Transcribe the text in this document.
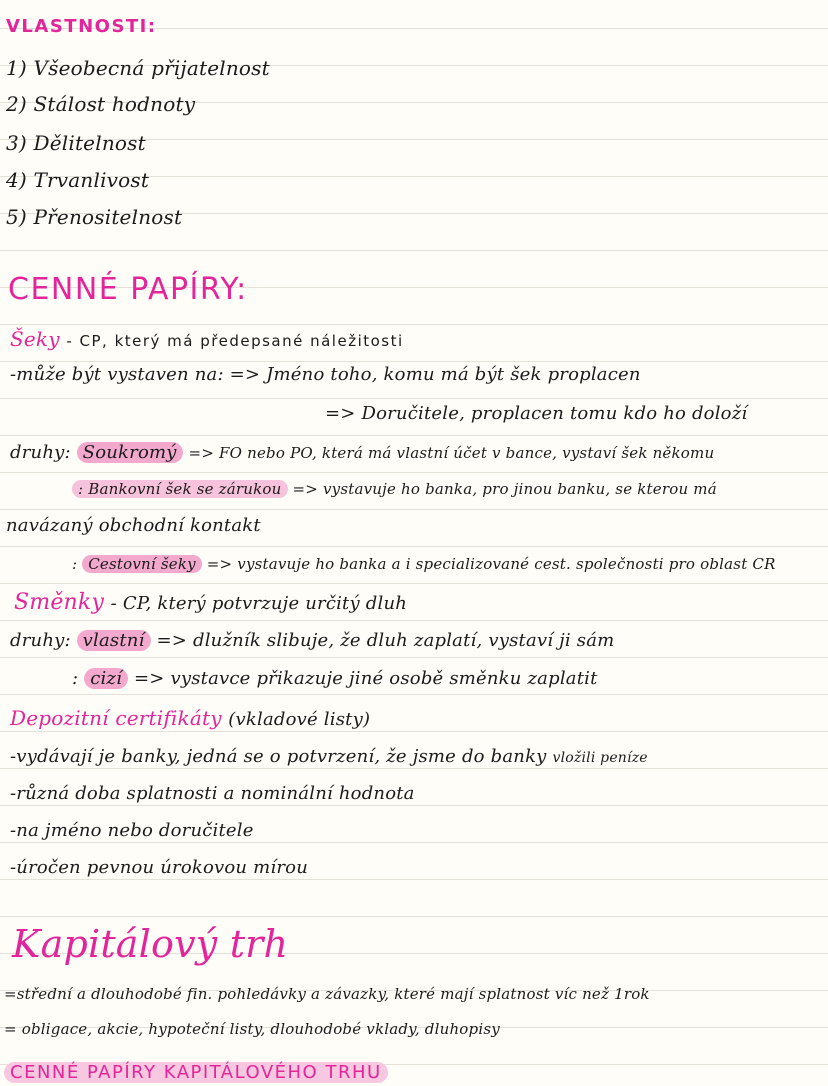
VLASTNOSTI:
1) Všeobecná přijatelnost
2) Stálost hodnoty
3) Dělitelnost
4) Trvanlivost
5) Přenositelnost
CENNÉ PAPÍRY:
Šeky - CP, který má předepsané náležitosti
-může být vystaven na: => Jméno toho, komu má být šek proplacen
=> Doručitele, proplacen tomu kdo ho doloží
druhy: Soukromý => FO nebo PO, která má vlastní účet v bance, vystaví šek někomu
: Bankovní šek se zárukou => vystavuje ho banka, pro jinou banku, se kterou má
navázaný obchodní kontakt
: Cestovní šeky => vystavuje ho banka a i specializované cest. společnosti pro oblast CR
Směnky - CP, který potvrzuje určitý dluh
druhy: vlastní => dlužník slibuje, že dluh zaplatí, vystaví ji sám
: cizí => vystavce přikazuje jiné osobě směnku zaplatit
Depozitní certifikáty (vkladové listy)
-vydávají je banky, jedná se o potvrzení, že jsme do banky vložili peníze
-různá doba splatnosti a nominální hodnota
-na jméno nebo doručitele
-úročen pevnou úrokovou mírou
Kapitálový trh
=střední a dlouhodobé fin. pohledávky a závazky, které mají splatnost víc než 1rok
= obligace, akcie, hypoteční listy, dlouhodobé vklady, dluhopisy
CENNÉ PAPÍRY KAPITÁLOVÉHO TRHU
